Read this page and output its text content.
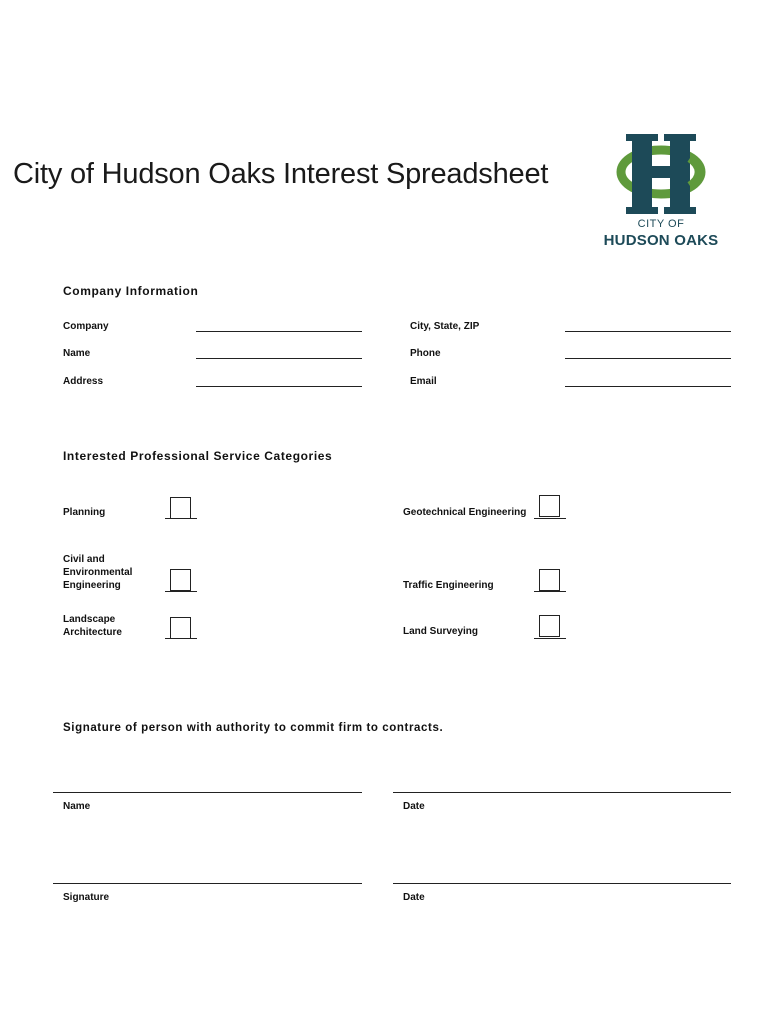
City of Hudson Oaks Interest Spreadsheet
CITY OF
HUDSON OAKS
Company Information
Company	City, State, ZIP
Name	Phone
Address	Email
Interested Professional Service Categories
Planning	Geotechnical Engineering
Civil and Environmental Engineering	Traffic Engineering
Landscape Architecture	Land Surveying
Signature of person with authority to commit firm to contracts.
Name	Date
Signature	Date
